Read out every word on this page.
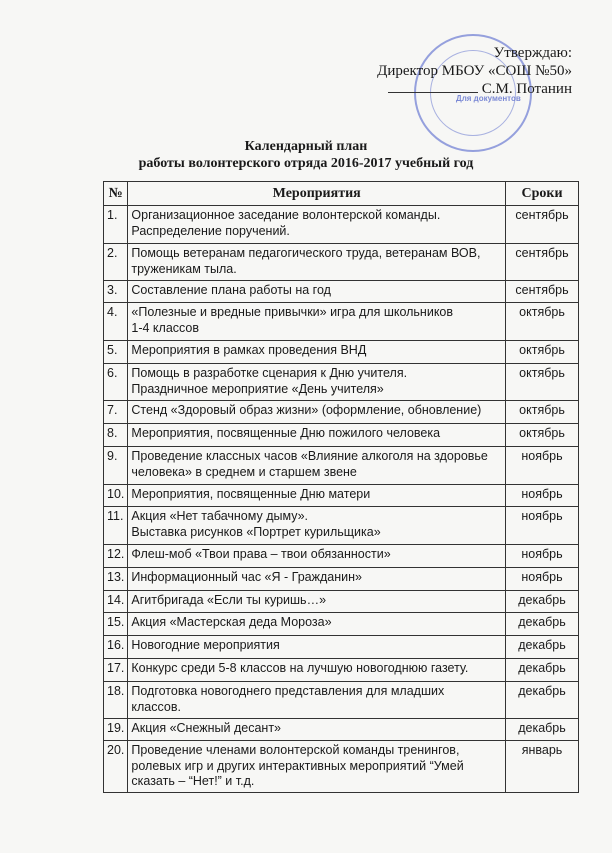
Для документов
Утверждаю:
Директор МБОУ «СОШ №50»
С.М. Потанин
Календарный план
работы волонтерского отряда 2016-2017 учебный год
№	Мероприятия	Сроки
1.	Организационное заседание волонтерской команды.
Распределение поручений.	сентябрь
2.	Помощь ветеранам педагогического труда, ветеранам ВОВ,
труженикам тыла.	сентябрь
3.	Составление плана работы на год	сентябрь
4.	«Полезные и вредные привычки» игра для школьников
1-4 классов	октябрь
5.	Мероприятия в рамках проведения ВНД	октябрь
6.	Помощь в разработке сценария к Дню учителя.
Праздничное мероприятие «День учителя»	октябрь
7.	Стенд «Здоровый образ жизни» (оформление, обновление)	октябрь
8.	Мероприятия, посвященные Дню пожилого человека	октябрь
9.	Проведение классных часов «Влияние алкоголя на здоровье
человека» в среднем и старшем звене	ноябрь
10.	Мероприятия, посвященные Дню матери	ноябрь
11.	Акция «Нет табачному дыму».
Выставка рисунков «Портрет курильщика»	ноябрь
12.	Флеш-моб «Твои права – твои обязанности»	ноябрь
13.	Информационный час «Я - Гражданин»	ноябрь
14.	Агитбригада «Если ты куришь…»	декабрь
15.	Акция «Мастерская деда Мороза»	декабрь
16.	Новогодние мероприятия	декабрь
17.	Конкурс среди 5-8 классов на лучшую новогоднюю газету.	декабрь
18.	Подготовка новогоднего представления для младших
классов.	декабрь
19.	Акция «Снежный десант»	декабрь
20.	Проведение членами волонтерской команды тренингов,
ролевых игр и других интерактивных мероприятий “Умей
сказать – “Нет!” и т.д.	январь
